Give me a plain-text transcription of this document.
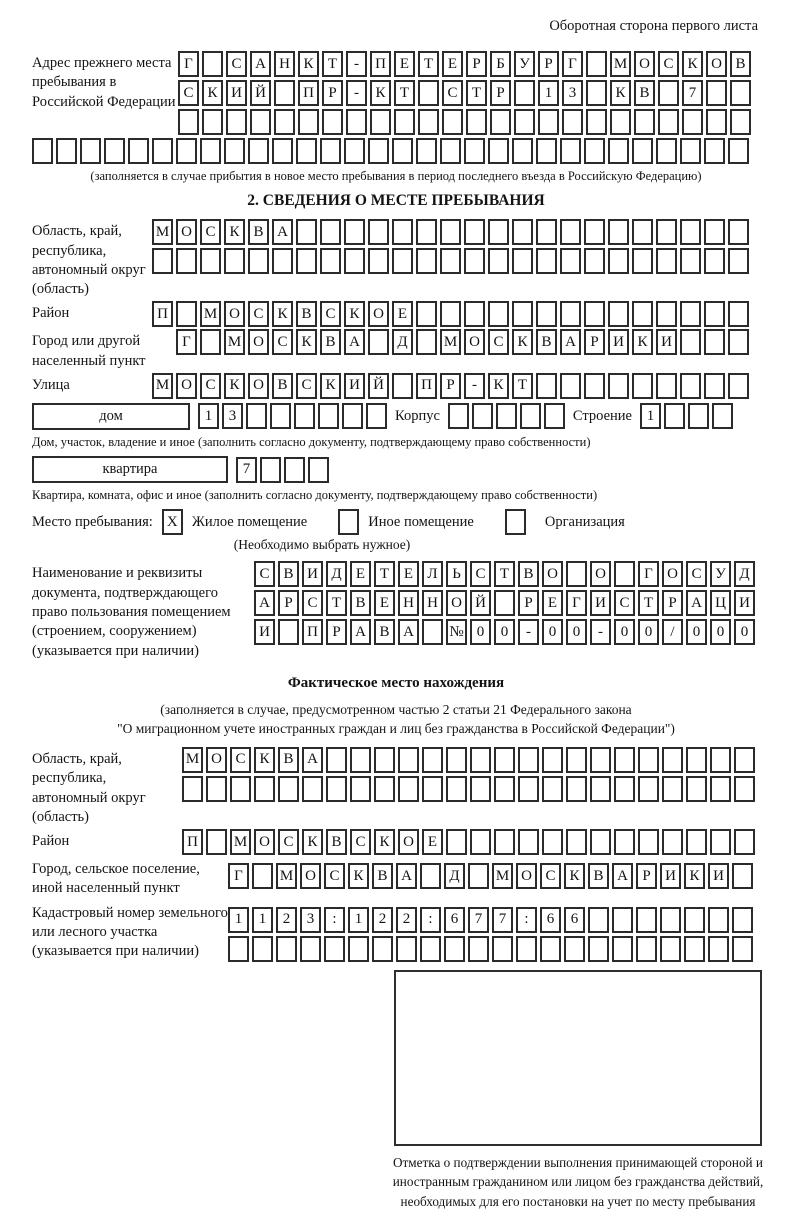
Оборотная сторона первого листа
Адрес прежнего места пребывания в Российской Федерации
Г	С А Н К Т	-	П Е Т Е	Р	Б У Р	Г	М О С К О В
С К И Й	П Р	-	К Т	С Т	Р	1	3	К В	7
(заполняется в случае прибытия в новое место пребывания в период последнего въезда в Российскую Федерацию)
2. СВЕДЕНИЯ О МЕСТЕ ПРЕБЫВАНИЯ
Область, край, республика, автономный округ (область)
М О С К В А
Район	П	М О С К В С К О Е
Город или другой населенный пункт
Г	М О С К В А	Д	М О С К В А Р И К И
Улица	М О С К О В С К И Й	П Р	-	К Т
дом	1	3	Корпус	Строение 1
Дом, участок, владение и иное (заполнить согласно документу, подтверждающему право собственности)
квартира	7
Квартира, комната, офис и иное (заполнить согласно документу, подтверждающему право собственности)
Место пребывания: X Жилое помещение	Иное помещение	Организация
(Необходимо выбрать нужное)
Наименование и реквизиты документа, подтверждающего право пользования помещением (строением, сооружением) (указывается при наличии)
С В И Д Е Т Е Л Ь С Т В О	О	Г О С У Д
А Р С Т В Е Н Н О Й	Р	Е	Г И С Т	Р А Ц И
И	П Р А В А	№ 0	0	-	0	0	-	0	0	/	0	0	0
Фактическое место нахождения
(заполняется в случае, предусмотренном частью 2 статьи 21 Федерального закона
"О миграционном учете иностранных граждан и лиц без гражданства в Российской Федерации")
Область, край, республика, автономный округ (область)
М О С К В А
Район	П	М О С К В С К О Е
Город, сельское поселение, иной населенный пункт
Г	М О С К В А	Д	М О С К В А Р И К И
Кадастровый номер земельного или лесного участка (указывается при наличии)
1	1	2	3	:	1	2	2	:	6	7	7	:	6	6
Отметка о подтверждении выполнения принимающей стороной и иностранным гражданином или лицом без гражданства действий, необходимых для его постановки на учет по месту пребывания
